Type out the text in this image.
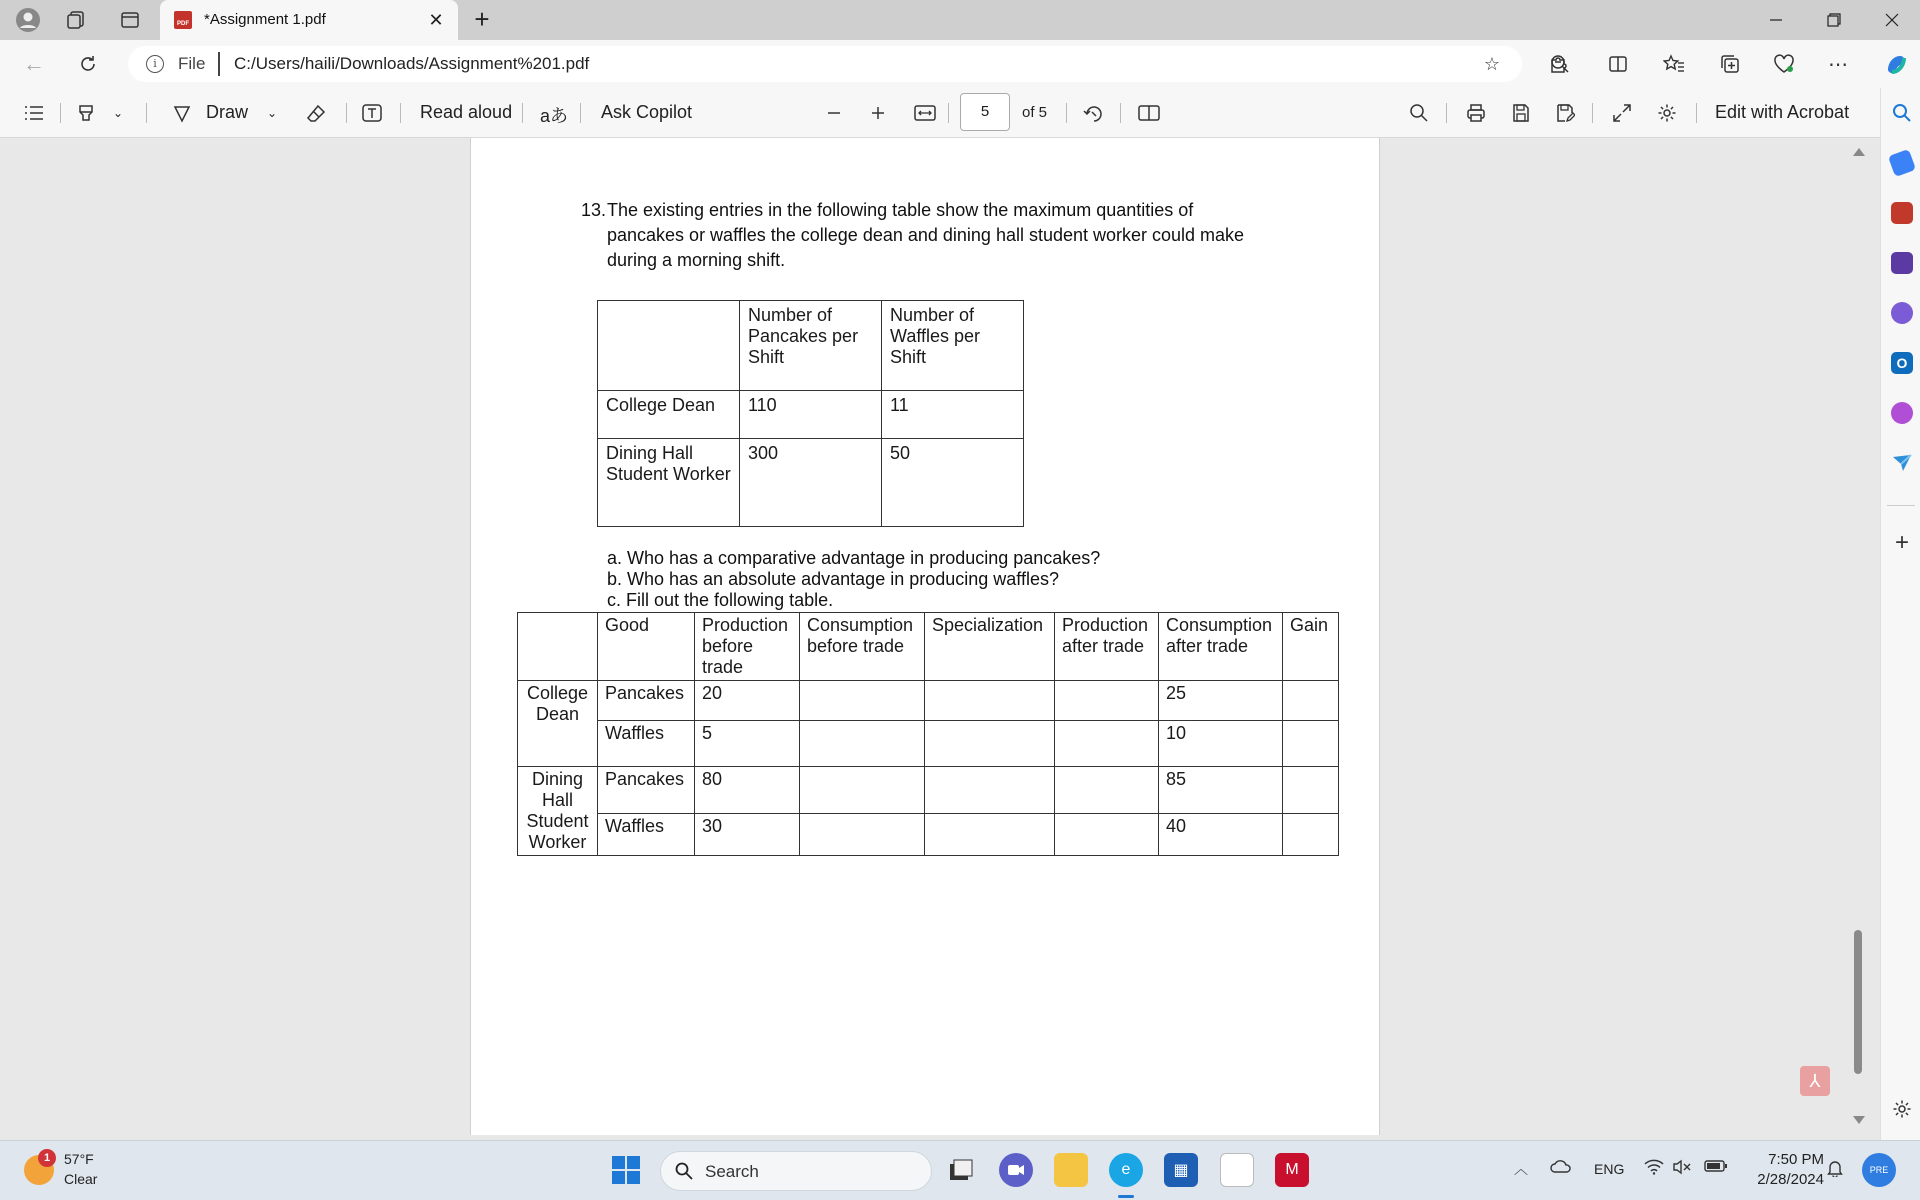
PDF *Assignment 1.pdf	✕	+
←	i	File C:/Users/haili/Downloads/Assignment%201.pdf	☆	⋯
⌄	Draw ⌄	Read aloud aあ Ask Copilot	5	of 5	Edit with Acrobat
O
+
13. The existing entries in the following table show the maximum quantities of
pancakes or waffles the college dean and dining hall student worker could make
during a morning shift.
	Number of Pancakes per Shift	Number of Waffles per Shift
College Dean	110	11
Dining Hall Student Worker	300	50
a. Who has a comparative advantage in producing pancakes?
b. Who has an absolute advantage in producing waffles?
c. Fill out the following table.
	Good	Production before trade	Consumption before trade	Specialization	Production after trade	Consumption after trade	Gain
College Dean	Pancakes	20				25	
	Waffles	5				10	
Dining Hall Student Worker	Pancakes	80				85	
	Waffles	30				40	
⅄
1 57°F
Clear	Search	e	▦	M	︿	ENG
7:50 PM
2/28/2024
PRE
